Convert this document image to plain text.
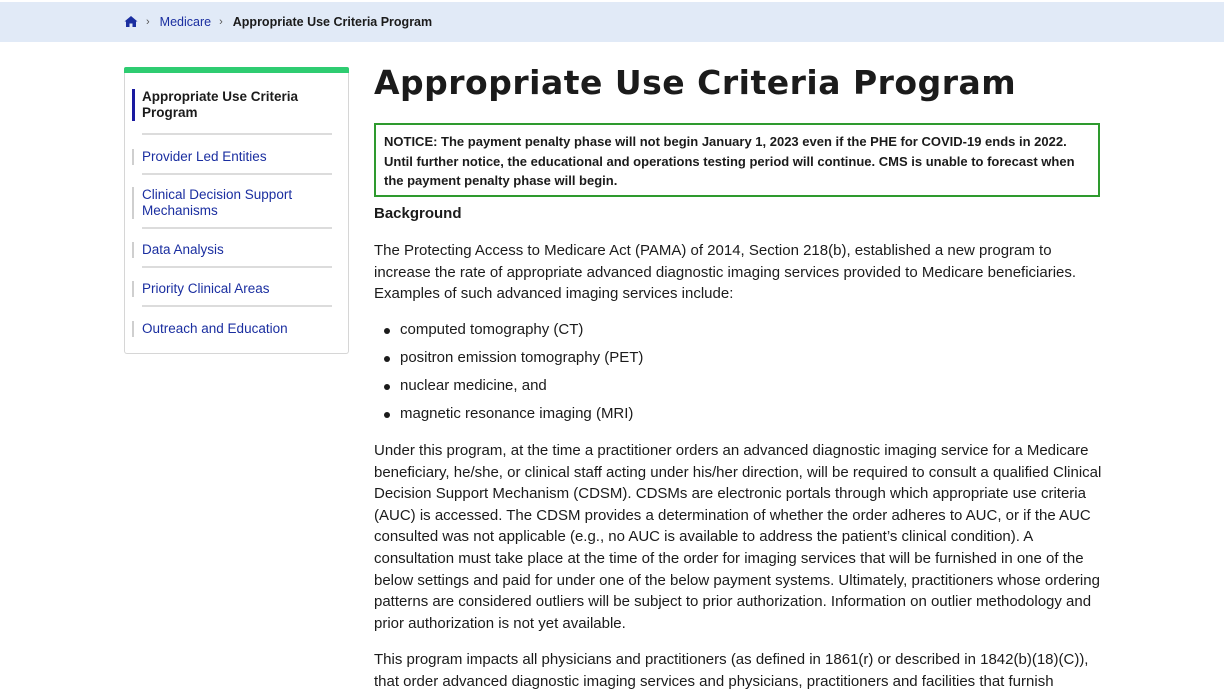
› Medicare › Appropriate Use Criteria Program
Appropriate Use Criteria Program
Provider Led Entities
Clinical Decision Support Mechanisms
Data Analysis
Priority Clinical Areas
Outreach and Education
Appropriate Use Criteria Program
NOTICE: The payment penalty phase will not begin January 1, 2023 even if the PHE for COVID-19 ends in 2022. Until further notice, the educational and operations testing period will continue. CMS is unable to forecast when the payment penalty phase will begin.
Background

The Protecting Access to Medicare Act (PAMA) of 2014, Section 218(b), established a new program to increase the rate of appropriate advanced diagnostic imaging services provided to Medicare beneficiaries. Examples of such advanced imaging services include:

computed tomography (CT)
positron emission tomography (PET)
nuclear medicine, and
magnetic resonance imaging (MRI)

Under this program, at the time a practitioner orders an advanced diagnostic imaging service for a Medicare beneficiary, he/she, or clinical staff acting under his/her direction, will be required to consult a qualified Clinical Decision Support Mechanism (CDSM). CDSMs are electronic portals through which appropriate use criteria (AUC) is accessed. The CDSM provides a determination of whether the order adheres to AUC, or if the AUC consulted was not applicable (e.g., no AUC is available to address the patient’s clinical condition). A consultation must take place at the time of the order for imaging services that will be furnished in one of the below settings and paid for under one of the below payment systems. Ultimately, practitioners whose ordering patterns are considered outliers will be subject to prior authorization. Information on outlier methodology and prior authorization is not yet available.

This program impacts all physicians and practitioners (as defined in 1861(r) or described in 1842(b)(18)(C)), that order advanced diagnostic imaging services and physicians, practitioners and facilities that furnish
